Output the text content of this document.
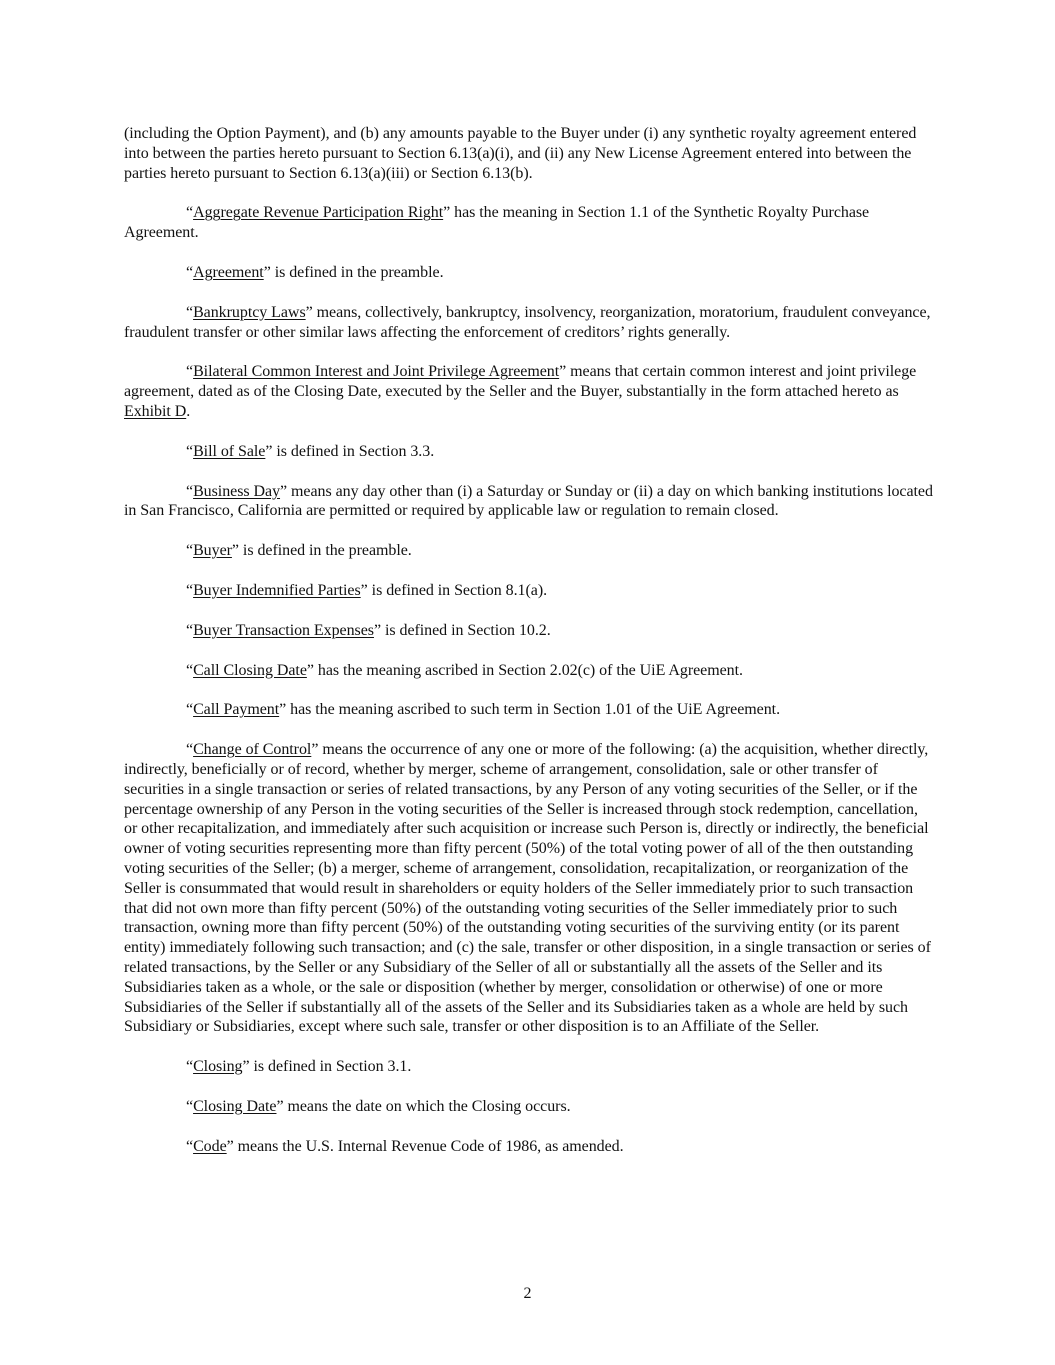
(including the Option Payment), and (b) any amounts payable to the Buyer under (i) any synthetic royalty agreement entered into between the parties hereto pursuant to Section 6.13(a)(i), and (ii) any New License Agreement entered into between the parties hereto pursuant to Section 6.13(a)(iii) or Section 6.13(b).

“Aggregate Revenue Participation Right” has the meaning in Section 1.1 of the Synthetic Royalty Purchase Agreement.

“Agreement” is defined in the preamble.

“Bankruptcy Laws” means, collectively, bankruptcy, insolvency, reorganization, moratorium, fraudulent conveyance, fraudulent transfer or other similar laws affecting the enforcement of creditors’ rights generally.

“Bilateral Common Interest and Joint Privilege Agreement” means that certain common interest and joint privilege agreement, dated as of the Closing Date, executed by the Seller and the Buyer, substantially in the form attached hereto as Exhibit D.

“Bill of Sale” is defined in Section 3.3.

“Business Day” means any day other than (i) a Saturday or Sunday or (ii) a day on which banking institutions located in San Francisco, California are permitted or required by applicable law or regulation to remain closed.

“Buyer” is defined in the preamble.

“Buyer Indemnified Parties” is defined in Section 8.1(a).

“Buyer Transaction Expenses” is defined in Section 10.2.

“Call Closing Date” has the meaning ascribed in Section 2.02(c) of the UiE Agreement.

“Call Payment” has the meaning ascribed to such term in Section 1.01 of the UiE Agreement.

“Change of Control” means the occurrence of any one or more of the following: (a) the acquisition, whether directly, indirectly, beneficially or of record, whether by merger, scheme of arrangement, consolidation, sale or other transfer of securities in a single transaction or series of related transactions, by any Person of any voting securities of the Seller, or if the percentage ownership of any Person in the voting securities of the Seller is increased through stock redemption, cancellation, or other recapitalization, and immediately after such acquisition or increase such Person is, directly or indirectly, the beneficial owner of voting securities representing more than fifty percent (50%) of the total voting power of all of the then outstanding voting securities of the Seller; (b) a merger, scheme of arrangement, consolidation, recapitalization, or reorganization of the Seller is consummated that would result in shareholders or equity holders of the Seller immediately prior to such transaction that did not own more than fifty percent (50%) of the outstanding voting securities of the Seller immediately prior to such transaction, owning more than fifty percent (50%) of the outstanding voting securities of the surviving entity (or its parent entity) immediately following such transaction; and (c) the sale, transfer or other disposition, in a single transaction or series of related transactions, by the Seller or any Subsidiary of the Seller of all or substantially all the assets of the Seller and its Subsidiaries taken as a whole, or the sale or disposition (whether by merger, consolidation or otherwise) of one or more Subsidiaries of the Seller if substantially all of the assets of the Seller and its Subsidiaries taken as a whole are held by such Subsidiary or Subsidiaries, except where such sale, transfer or other disposition is to an Affiliate of the Seller.

“Closing” is defined in Section 3.1.

“Closing Date” means the date on which the Closing occurs.

“Code” means the U.S. Internal Revenue Code of 1986, as amended.

2
